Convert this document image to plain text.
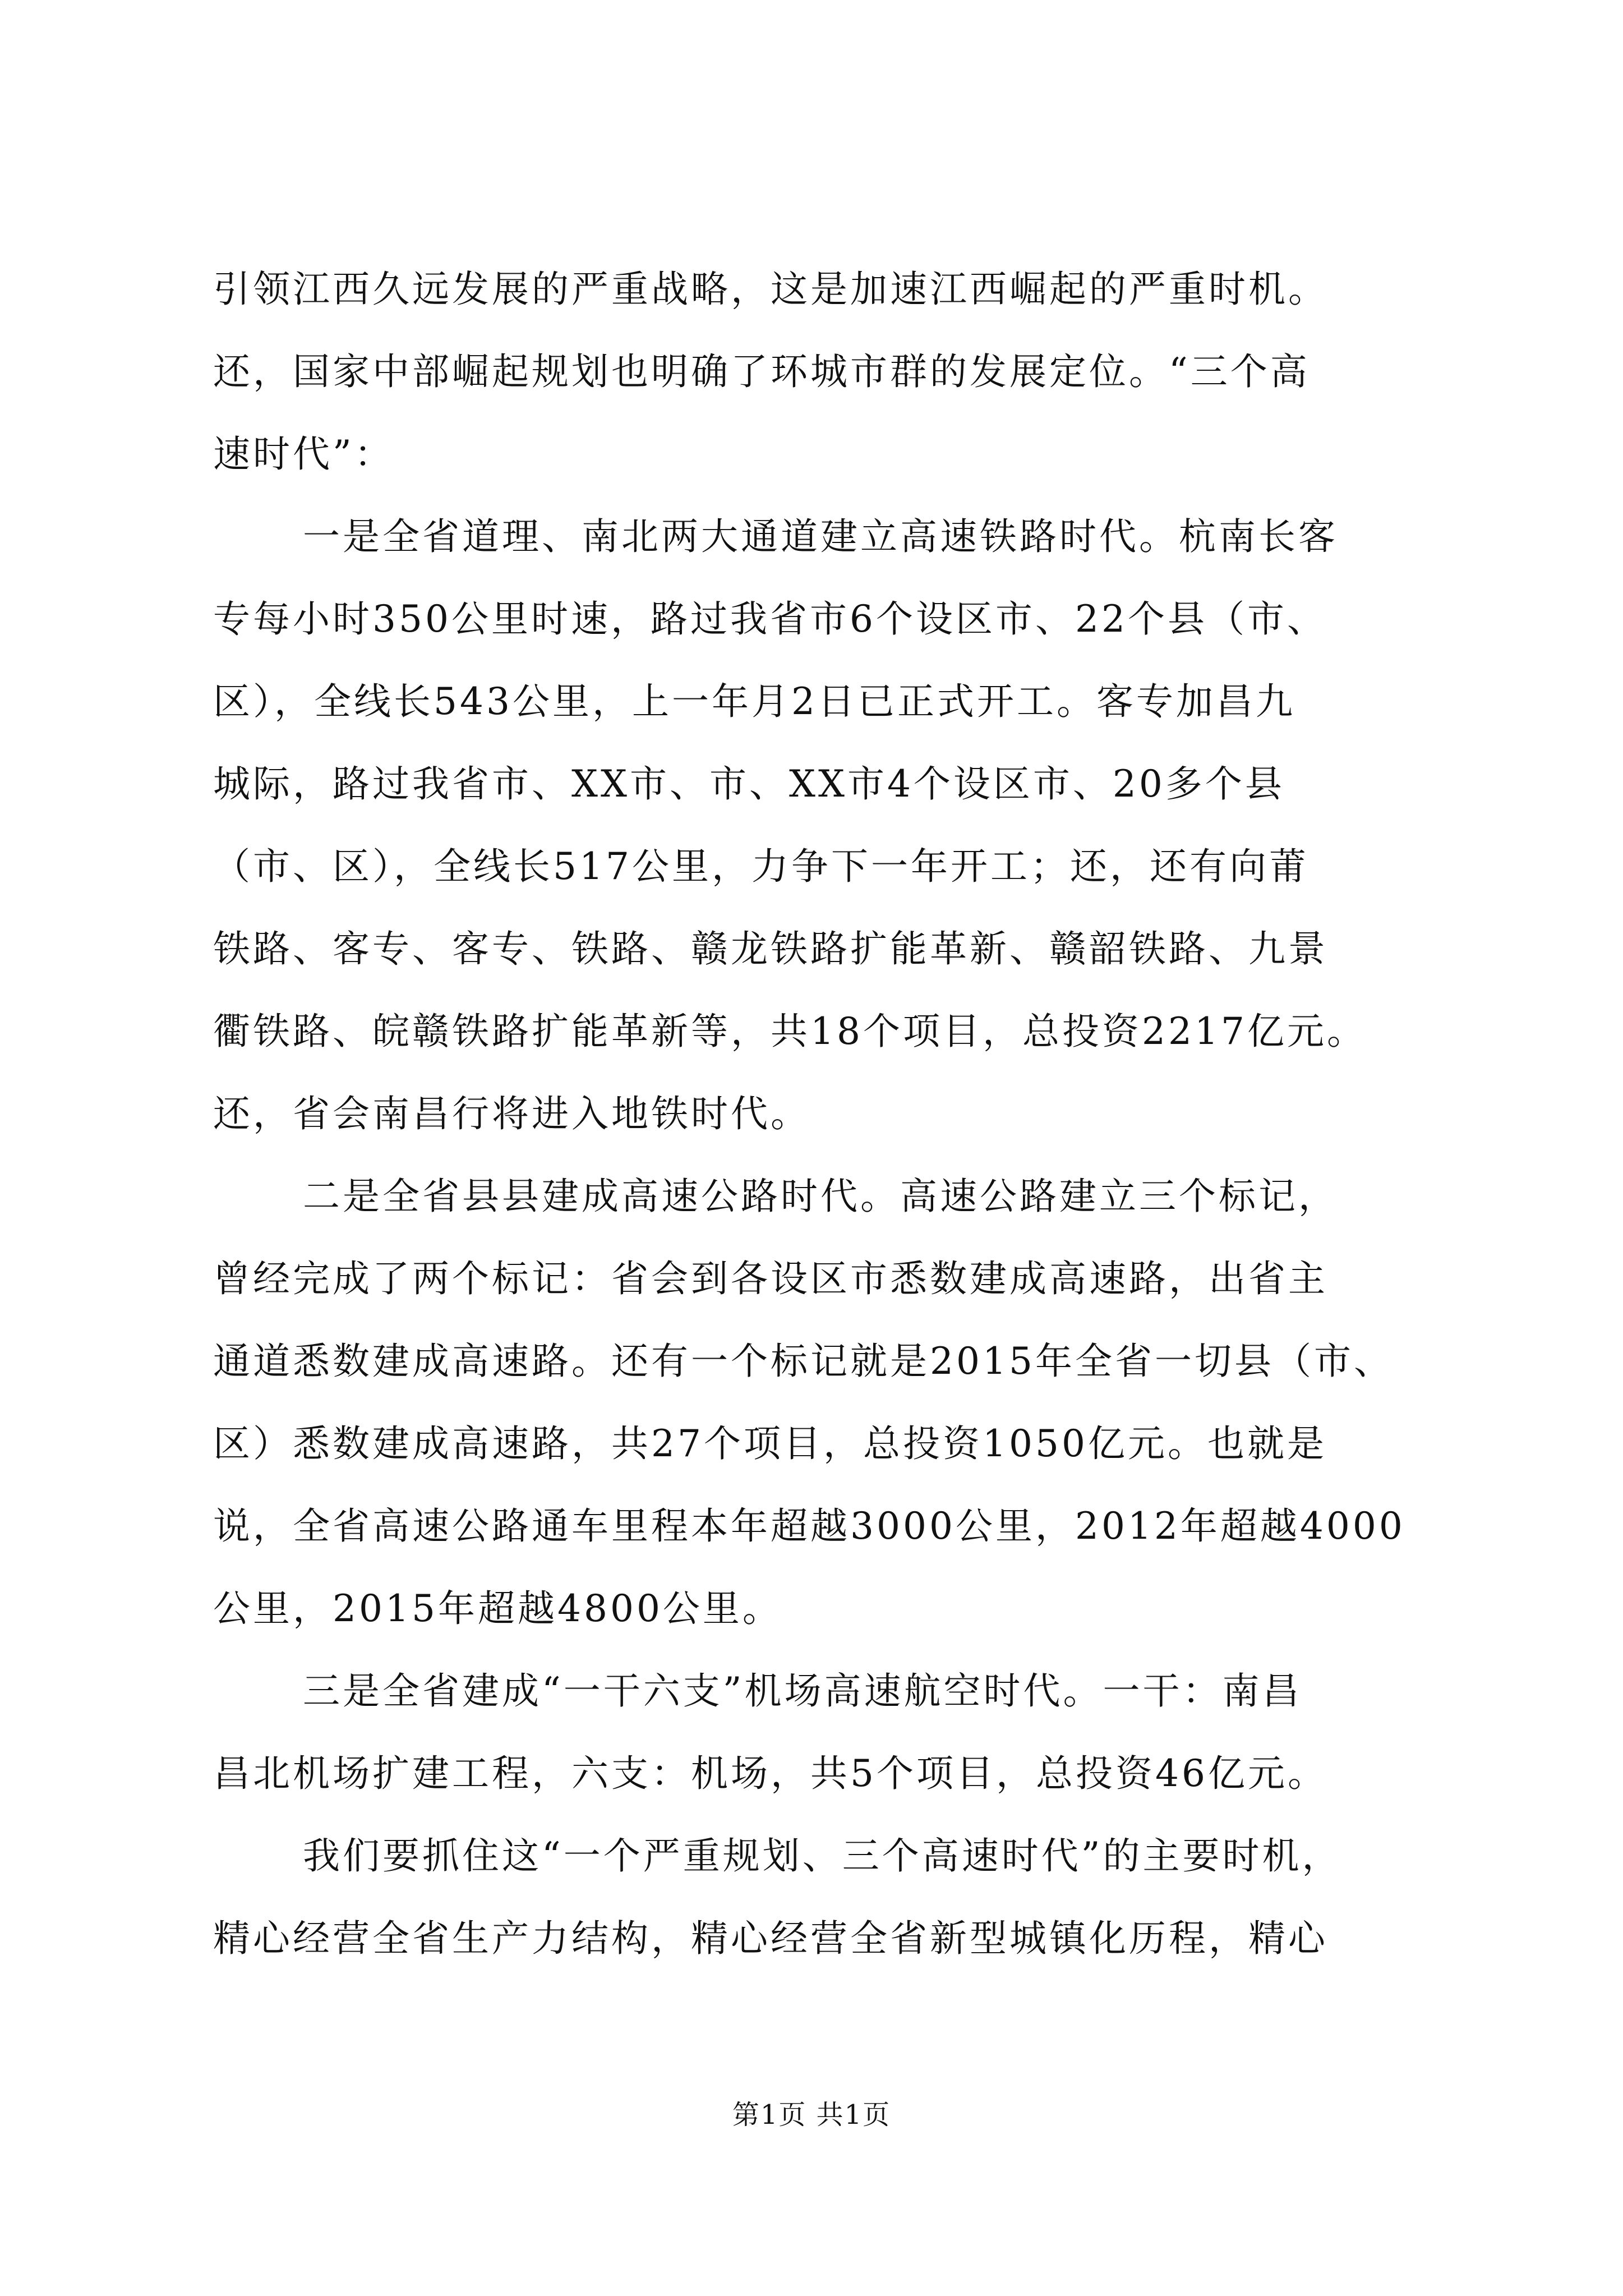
引领江西久远发展的严重战略，这是加速江西崛起的严重时机。
还，国家中部崛起规划也明确了环城市群的发展定位。“三个高
速时代”：
一是全省道理、南北两大通道建立高速铁路时代。杭南长客
专每小时350公里时速，路过我省市6个设区市、22个县（市、
区），全线长543公里，上一年月2日已正式开工。客专加昌九
城际，路过我省市、XX市、市、XX市4个设区市、20多个县
（市、区），全线长517公里，力争下一年开工；还，还有向莆
铁路、客专、客专、铁路、赣龙铁路扩能革新、赣韶铁路、九景
衢铁路、皖赣铁路扩能革新等，共18个项目，总投资2217亿元。
还，省会南昌行将进入地铁时代。
二是全省县县建成高速公路时代。高速公路建立三个标记，
曾经完成了两个标记：省会到各设区市悉数建成高速路，出省主
通道悉数建成高速路。还有一个标记就是2015年全省一切县（市、
区）悉数建成高速路，共27个项目，总投资1050亿元。也就是
说，全省高速公路通车里程本年超越3000公里，2012年超越4000
公里，2015年超越4800公里。
三是全省建成“一干六支”机场高速航空时代。一干：南昌
昌北机场扩建工程，六支：机场，共5个项目，总投资46亿元。
我们要抓住这“一个严重规划、三个高速时代”的主要时机，
精心经营全省生产力结构，精心经营全省新型城镇化历程，精心
第1页 共1页
